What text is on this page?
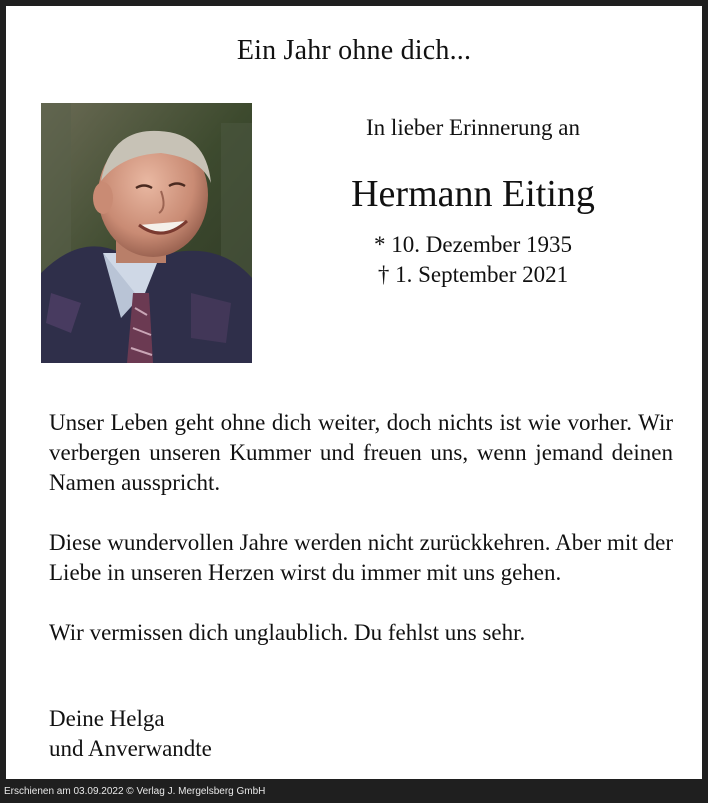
Ein Jahr ohne dich...
In lieber Erinnerung an
Hermann Eiting
* 10. Dezember 1935
† 1. September 2021

Unser Leben geht ohne dich weiter, doch nichts ist wie vorher. Wir verbergen unseren Kummer und freuen uns, wenn jemand deinen Namen ausspricht.

Diese wundervollen Jahre werden nicht zurückkehren. Aber mit der Liebe in unseren Herzen wirst du immer mit uns gehen.

Wir vermissen dich unglaublich. Du fehlst uns sehr.

Deine Helga
und Anverwandte
Erschienen am 03.09.2022 © Verlag J. Mergelsberg GmbH
